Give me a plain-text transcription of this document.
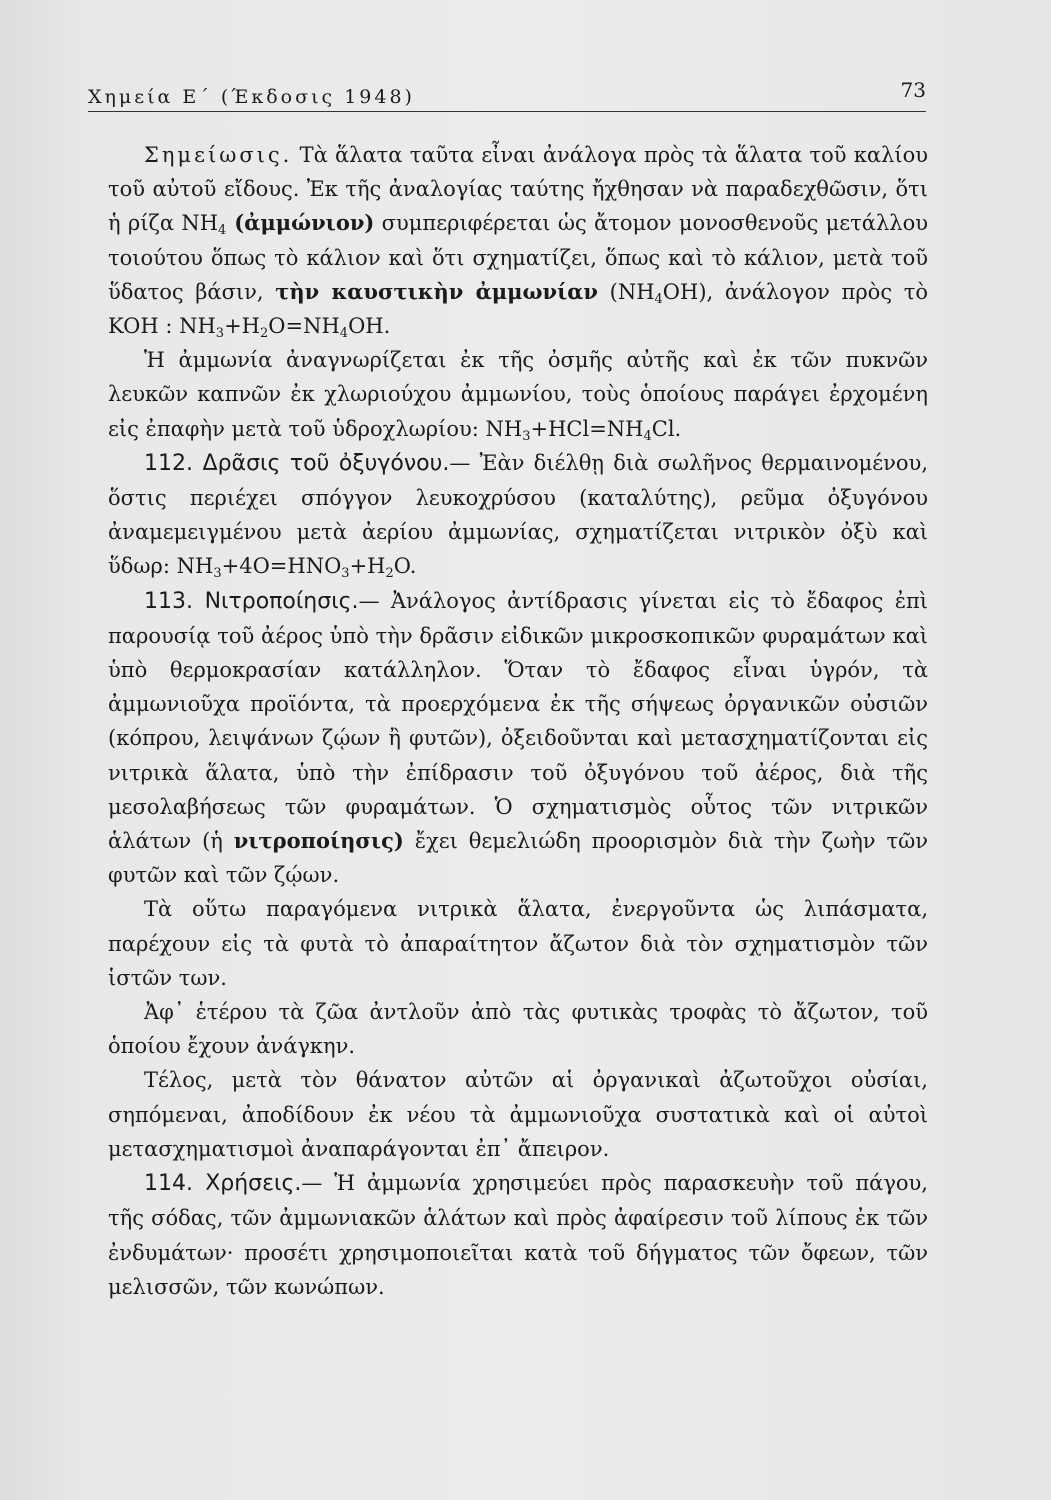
Χημεία Ε΄ (Έκδοσις 1948)	73

Σημείωσις. Τὰ ἅλατα ταῦτα εἶναι ἀνάλογα πρὸς τὰ ἅλατα τοῦ καλίου τοῦ αὐτοῦ εἴδους. Ἐκ τῆς ἀναλογίας ταύτης ἤχθησαν νὰ παραδεχθῶσιν, ὅτι ἡ ρίζα $NH_4$ (ἀμμώνιον) συμπεριφέρεται ὡς ἄτομον μονοσθενοῦς μετάλλου τοιούτου ὅπως τὸ κάλιον καὶ ὅτι σχηματίζει, ὅπως καὶ τὸ κάλιον, μετὰ τοῦ ὕδατος βάσιν, τὴν καυστικὴν ἀμμωνίαν $(NH_4OH)$, ἀνάλογον πρὸς τὸ KOH : $NH_3+H_2O=NH_4OH$.

Ἡ ἀμμωνία ἀναγνωρίζεται ἐκ τῆς ὀσμῆς αὐτῆς καὶ ἐκ τῶν πυκνῶν λευκῶν καπνῶν ἐκ χλωριούχου ἀμμωνίου, τοὺς ὁποίους παράγει ἐρχομένη εἰς ἐπαφὴν μετὰ τοῦ ὑδροχλωρίου: $NH_3+HCl=NH_4Cl$.

112. Δρᾶσις τοῦ ὀξυγόνου.— Ἐὰν διέλθῃ διὰ σωλῆνος θερμαινομένου, ὅστις περιέχει σπόγγον λευκοχρύσου (καταλύτης), ρεῦμα ὀξυγόνου ἀναμεμειγμένου μετὰ ἀερίου ἀμμωνίας, σχηματίζεται νιτρικὸν ὀξὺ καὶ ὕδωρ: $NH_3+4O=HNO_3+H_2O$.

113. Νιτροποίησις.— Ἀνάλογος ἀντίδρασις γίνεται εἰς τὸ ἔδαφος ἐπὶ παρουσίᾳ τοῦ ἀέρος ὑπὸ τὴν δρᾶσιν εἰδικῶν μικροσκοπικῶν φυραμάτων καὶ ὑπὸ θερμοκρασίαν κατάλληλον. Ὅταν τὸ ἔδαφος εἶναι ὑγρόν, τὰ ἀμμωνιοῦχα προϊόντα, τὰ προερχόμενα ἐκ τῆς σήψεως ὀργανικῶν οὐσιῶν (κόπρου, λειψάνων ζῴων ἢ φυτῶν), ὀξειδοῦνται καὶ μετασχηματίζονται εἰς νιτρικὰ ἅλατα, ὑπὸ τὴν ἐπίδρασιν τοῦ ὀξυγόνου τοῦ ἀέρος, διὰ τῆς μεσολαβήσεως τῶν φυραμάτων. Ὁ σχηματισμὸς οὗτος τῶν νιτρικῶν ἁλάτων (ἡ νιτροποίησις) ἔχει θεμελιώδη προορισμὸν διὰ τὴν ζωὴν τῶν φυτῶν καὶ τῶν ζῴων.

Τὰ οὕτω παραγόμενα νιτρικὰ ἅλατα, ἐνεργοῦντα ὡς λιπάσματα, παρέχουν εἰς τὰ φυτὰ τὸ ἀπαραίτητον ἄζωτον διὰ τὸν σχηματισμὸν τῶν ἱστῶν των.

Ἀφ᾽ ἑτέρου τὰ ζῶα ἀντλοῦν ἀπὸ τὰς φυτικὰς τροφὰς τὸ ἄζωτον, τοῦ ὁποίου ἔχουν ἀνάγκην.

Τέλος, μετὰ τὸν θάνατον αὐτῶν αἱ ὀργανικαὶ ἀζωτοῦχοι οὐσίαι, σηπόμεναι, ἀποδίδουν ἐκ νέου τὰ ἀμμωνιοῦχα συστατικὰ καὶ οἱ αὐτοὶ μετασχηματισμοὶ ἀναπαράγονται ἐπ᾽ ἄπειρον.

114. Χρήσεις.— Ἡ ἀμμωνία χρησιμεύει πρὸς παρασκευὴν τοῦ πάγου, τῆς σόδας, τῶν ἀμμωνιακῶν ἁλάτων καὶ πρὸς ἀφαίρεσιν τοῦ λίπους ἐκ τῶν ἐνδυμάτων· προσέτι χρησιμοποιεῖται κατὰ τοῦ δήγματος τῶν ὄφεων, τῶν μελισσῶν, τῶν κωνώπων.
